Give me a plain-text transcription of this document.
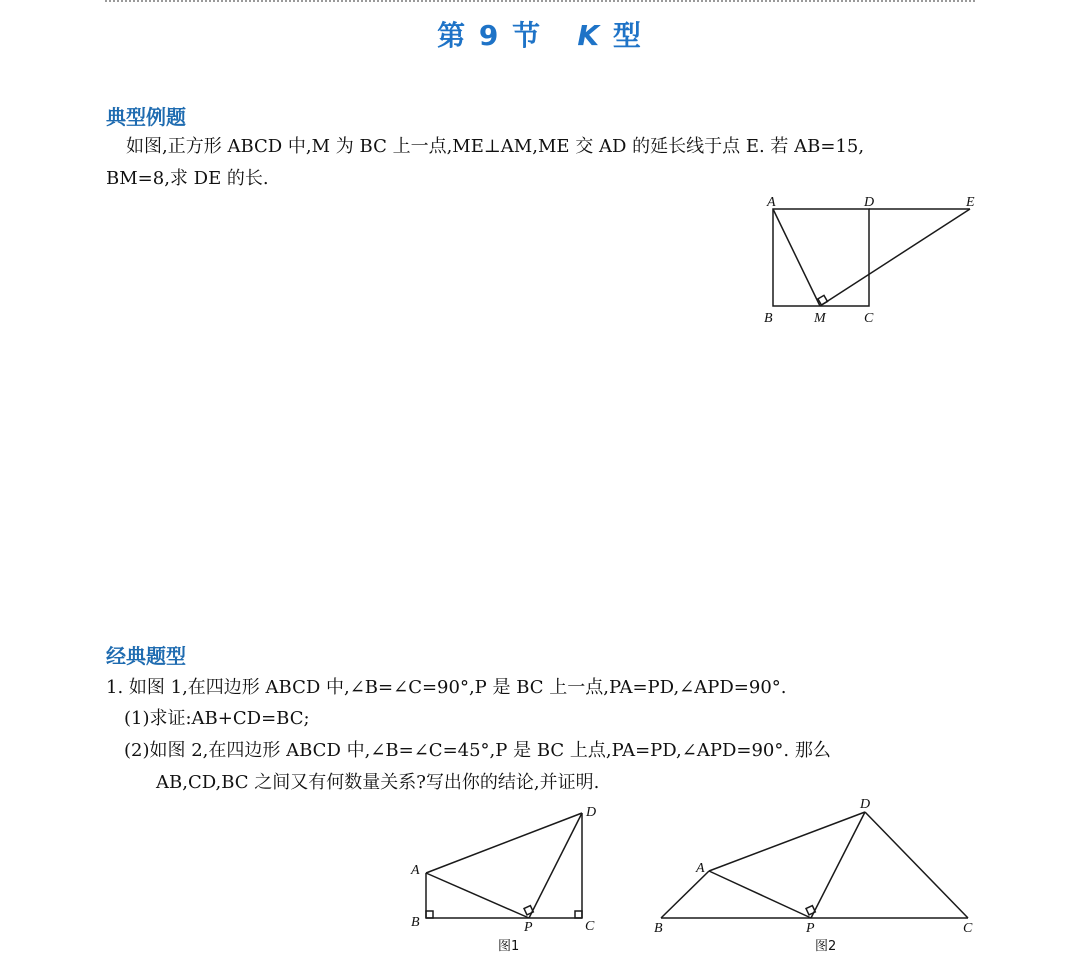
第 9 节 K 型
典型例题
如图,正方形 ABCD 中,M 为 BC 上一点,ME⊥AM,ME 交 AD 的延长线于点 E. 若 AB=15,
BM=8,求 DE 的长.
A	D	E
B	M	C
经典题型
1. 如图 1,在四边形 ABCD 中,∠B=∠C=90°,P 是 BC 上一点,PA=PD,∠APD=90°.
(1)求证:AB+CD=BC;
(2)如图 2,在四边形 ABCD 中,∠B=∠C=45°,P 是 BC 上点,PA=PD,∠APD=90°. 那么
AB,CD,BC 之间又有何数量关系?写出你的结论,并证明.
A
B	P	C
D
图1
A
B	P	C
D
图2
